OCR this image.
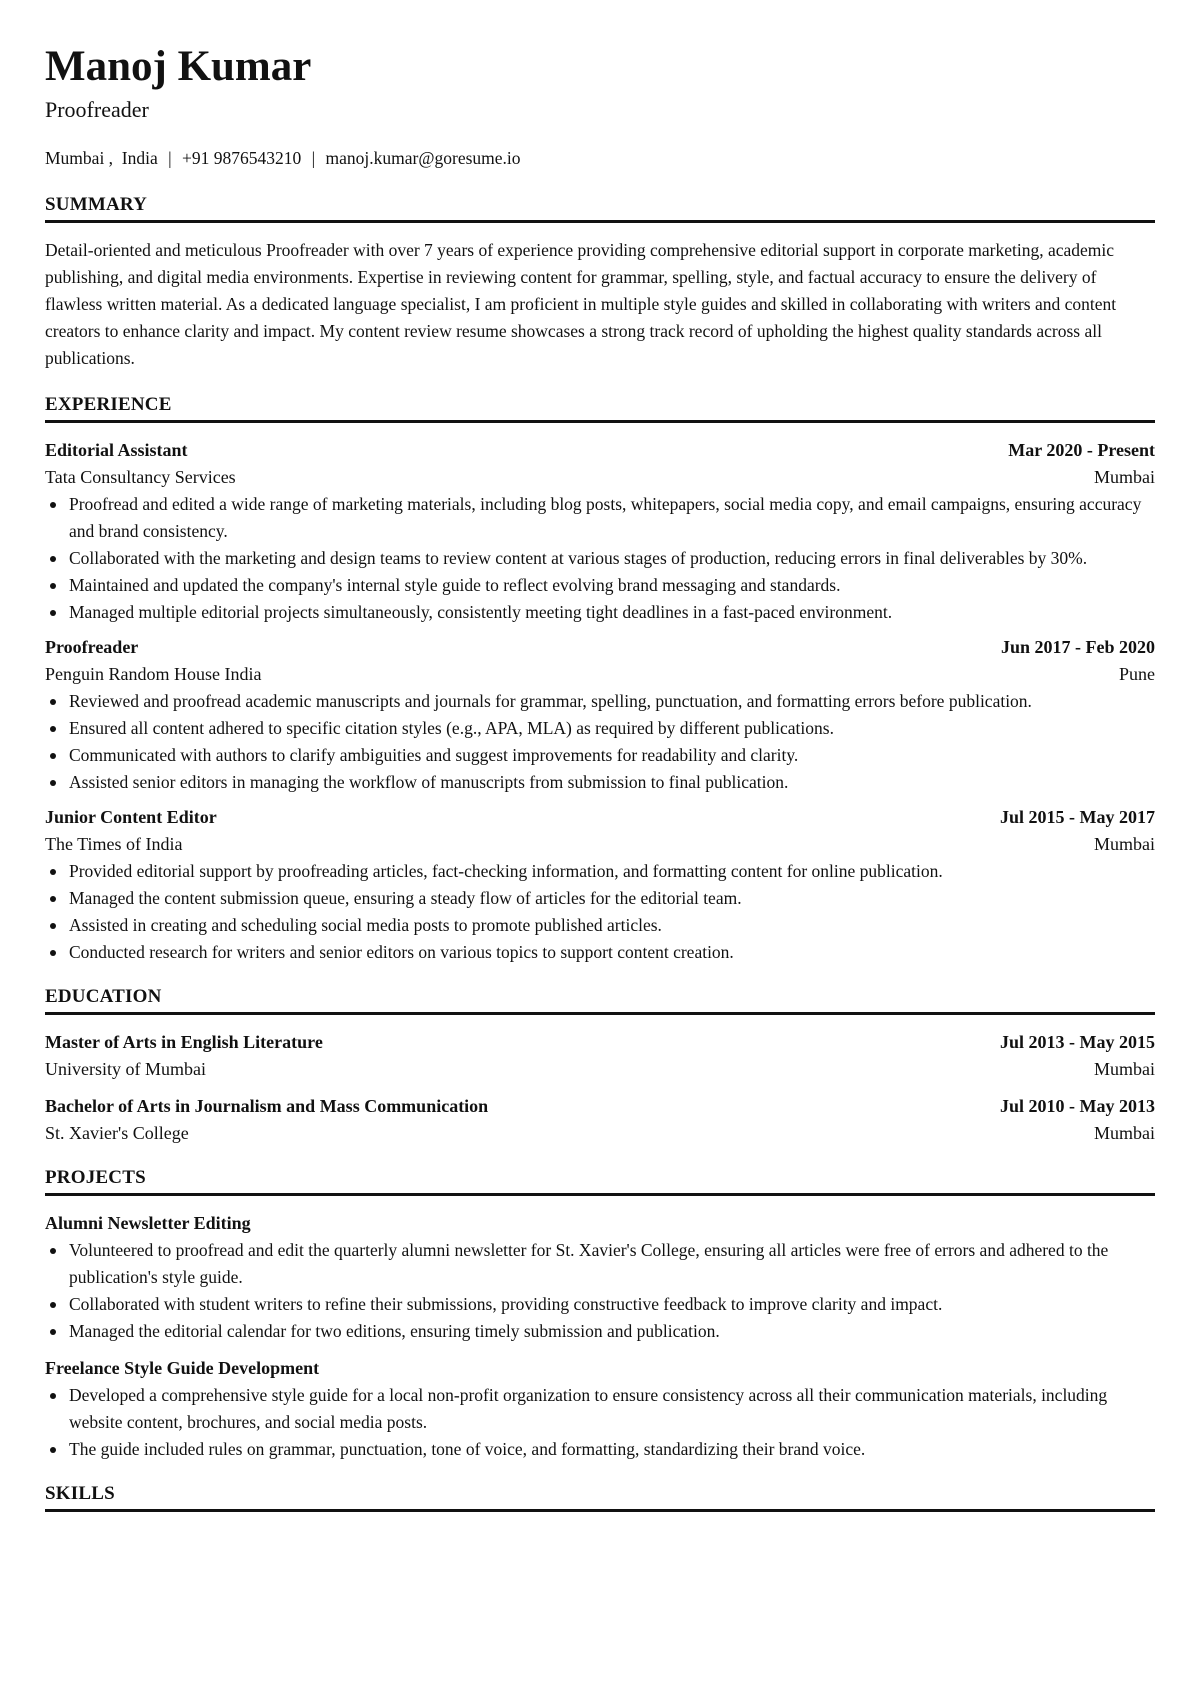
Manoj Kumar
Proofreader
Mumbai ,  India | +91 9876543210 | manoj.kumar@goresume.io
SUMMARY

Detail-oriented and meticulous Proofreader with over 7 years of experience providing comprehensive editorial support in corporate marketing, academic publishing, and digital media environments. Expertise in reviewing content for grammar, spelling, style, and factual accuracy to ensure the delivery of flawless written material. As a dedicated language specialist, I am proficient in multiple style guides and skilled in collaborating with writers and content creators to enhance clarity and impact. My content review resume showcases a strong track record of upholding the highest quality standards across all publications.

EXPERIENCE
Editorial Assistant	Mar 2020 - Present
Tata Consultancy Services	Mumbai
Proofread and edited a wide range of marketing materials, including blog posts, whitepapers, social media copy, and email campaigns, ensuring accuracy and brand consistency.
Collaborated with the marketing and design teams to review content at various stages of production, reducing errors in final deliverables by 30%.
Maintained and updated the company's internal style guide to reflect evolving brand messaging and standards.
Managed multiple editorial projects simultaneously, consistently meeting tight deadlines in a fast-paced environment.
Proofreader	Jun 2017 - Feb 2020
Penguin Random House India	Pune
Reviewed and proofread academic manuscripts and journals for grammar, spelling, punctuation, and formatting errors before publication.
Ensured all content adhered to specific citation styles (e.g., APA, MLA) as required by different publications.
Communicated with authors to clarify ambiguities and suggest improvements for readability and clarity.
Assisted senior editors in managing the workflow of manuscripts from submission to final publication.
Junior Content Editor	Jul 2015 - May 2017
The Times of India	Mumbai
Provided editorial support by proofreading articles, fact-checking information, and formatting content for online publication.
Managed the content submission queue, ensuring a steady flow of articles for the editorial team.
Assisted in creating and scheduling social media posts to promote published articles.
Conducted research for writers and senior editors on various topics to support content creation.
EDUCATION
Master of Arts in English Literature	Jul 2013 - May 2015
University of Mumbai	Mumbai
Bachelor of Arts in Journalism and Mass Communication	Jul 2010 - May 2013
St. Xavier's College	Mumbai
PROJECTS
Alumni Newsletter Editing
Volunteered to proofread and edit the quarterly alumni newsletter for St. Xavier's College, ensuring all articles were free of errors and adhered to the publication's style guide.
Collaborated with student writers to refine their submissions, providing constructive feedback to improve clarity and impact.
Managed the editorial calendar for two editions, ensuring timely submission and publication.
Freelance Style Guide Development
Developed a comprehensive style guide for a local non-profit organization to ensure consistency across all their communication materials, including website content, brochures, and social media posts.
The guide included rules on grammar, punctuation, tone of voice, and formatting, standardizing their brand voice.
SKILLS
